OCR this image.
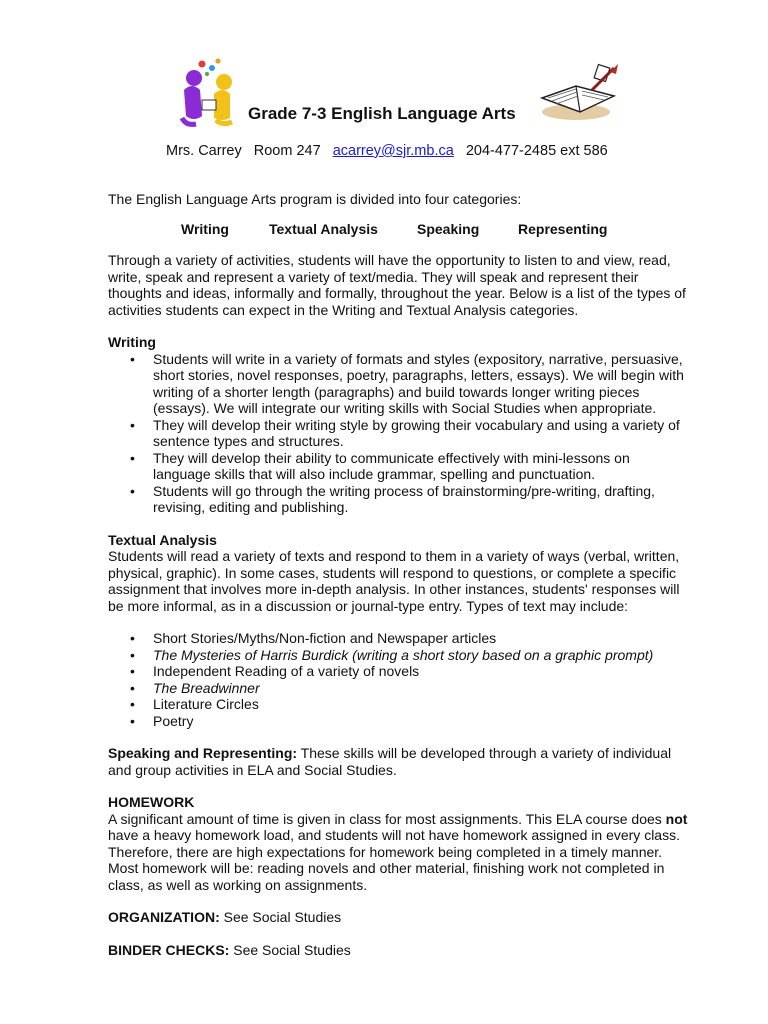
Grade 7-3 English Language Arts
Mrs. Carrey Room 247 acarrey@sjr.mb.ca 204-477-2485 ext 586

The English Language Arts program is divided into four categories:

Writing	Textual Analysis	Speaking	Representing

Through a variety of activities, students will have the opportunity to listen to and view, read, write, speak and represent a variety of text/media. They will speak and represent their thoughts and ideas, informally and formally, throughout the year. Below is a list of the types of activities students can expect in the Writing and Textual Analysis categories.

Writing
• Students will write in a variety of formats and styles (expository, narrative, persuasive, short stories, novel responses, poetry, paragraphs, letters, essays). We will begin with writing of a shorter length (paragraphs) and build towards longer writing pieces (essays). We will integrate our writing skills with Social Studies when appropriate.
• They will develop their writing style by growing their vocabulary and using a variety of sentence types and structures.
• They will develop their ability to communicate effectively with mini-lessons on language skills that will also include grammar, spelling and punctuation.
• Students will go through the writing process of brainstorming/pre-writing, drafting, revising, editing and publishing.
Textual Analysis

Students will read a variety of texts and respond to them in a variety of ways (verbal, written, physical, graphic). In some cases, students will respond to questions, or complete a specific assignment that involves more in-depth analysis. In other instances, students' responses will be more informal, as in a discussion or journal-type entry. Types of text may include:

• Short Stories/Myths/Non-fiction and Newspaper articles
• The Mysteries of Harris Burdick (writing a short story based on a graphic prompt)
• Independent Reading of a variety of novels
• The Breadwinner
• Literature Circles
• Poetry

Speaking and Representing: These skills will be developed through a variety of individual and group activities in ELA and Social Studies.

HOMEWORK

A significant amount of time is given in class for most assignments. This ELA course does not have a heavy homework load, and students will not have homework assigned in every class. Therefore, there are high expectations for homework being completed in a timely manner. Most homework will be: reading novels and other material, finishing work not completed in class, as well as working on assignments.

ORGANIZATION: See Social Studies

BINDER CHECKS: See Social Studies
